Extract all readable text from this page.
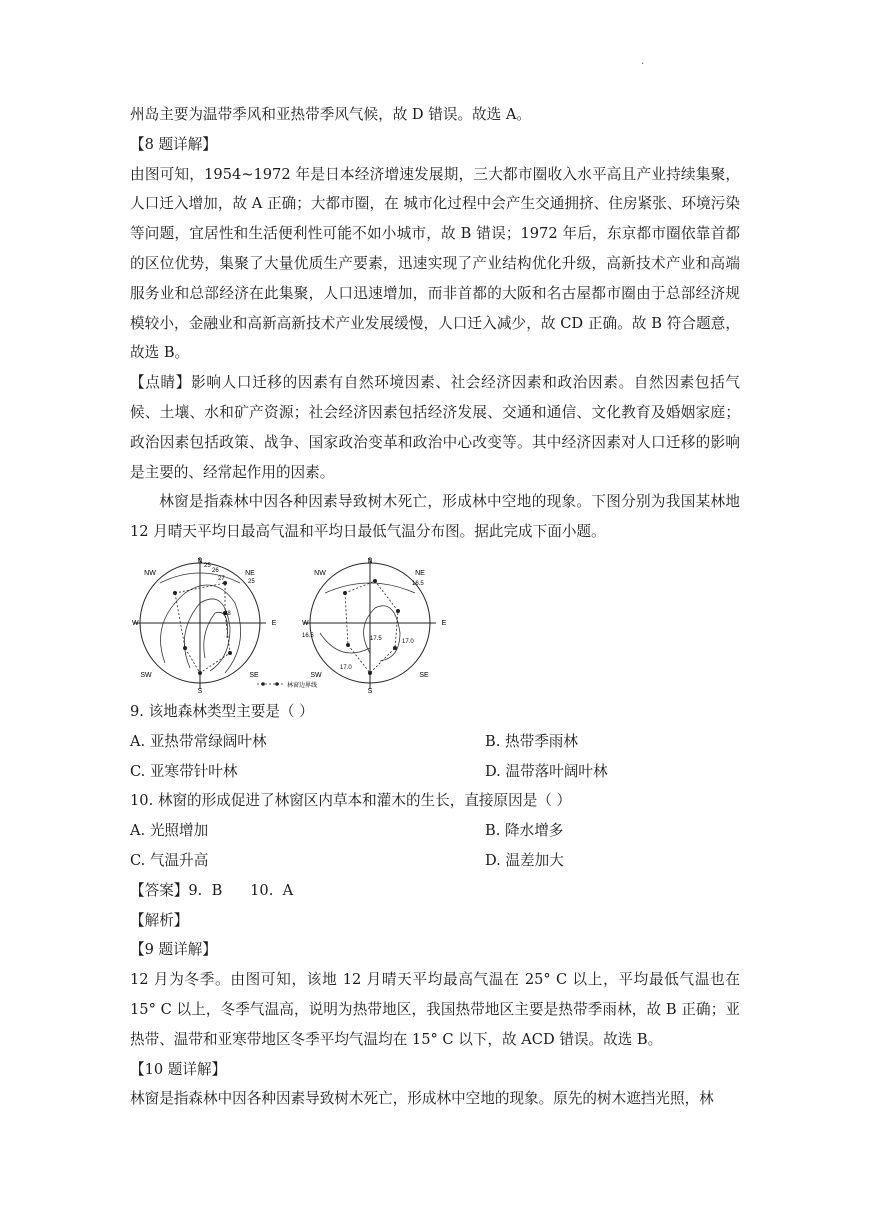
.

州岛主要为温带季风和亚热带季风气候，故 D 错误。故选 A。

【8 题详解】

由图可知，1954~1972 年是日本经济增速发展期，三大都市圈收入水平高且产业持续集聚，人口迁入增加，故 A 正确；大都市圈，在 城市化过程中会产生交通拥挤、住房紧张、环境污染等问题，宜居性和生活便利性可能不如小城市，故 B 错误；1972 年后，东京都市圈依靠首都的区位优势，集聚了大量优质生产要素，迅速实现了产业结构优化升级，高新技术产业和高端服务业和总部经济在此集聚，人口迅速增加，而非首都的大阪和名古屋都市圈由于总部经济规模较小，金融业和高新高新技术产业发展缓慢，人口迁入减少，故 CD 正确。故 B 符合题意，故选 B。

【点睛】影响人口迁移的因素有自然环境因素、社会经济因素和政治因素。自然因素包括气候、土壤、水和矿产资源；社会经济因素包括经济发展、交通和通信、文化教育及婚姻家庭；政治因素包括政策、战争、国家政治变革和政治中心改变等。其中经济因素对人口迁移的影响是主要的、经常起作用的因素。

林窗是指森林中因各种因素导致树木死亡，形成林中空地的现象。下图分别为我国某林地 12 月晴天平均日最高气温和平均日最低气温分布图。据此完成下面小题。

N
NE
E
SE
S
SW
W
NW
25
26
27
28
25
N
NE
E
SE
S
SW
W
NW
16.5
16.5	17.5	17.0
17.0
林窗边界线

9. 该地森林类型主要是（ ）

A. 亚热带常绿阔叶林	B. 热带季雨林

C. 亚寒带针叶林	D. 温带落叶阔叶林

10. 林窗的形成促进了林窗区内草本和灌木的生长，直接原因是（ ）

A. 光照增加	B. 降水增多

C. 气温升高	D. 温差加大

【答案】9.  B      10.  A

【解析】

【9 题详解】

12 月为冬季。由图可知，该地 12 月晴天平均最高气温在 25° C 以上，平均最低气温也在 15° C 以上，冬季气温高，说明为热带地区，我国热带地区主要是热带季雨林，故 B 正确；亚热带、温带和亚寒带地区冬季平均气温均在 15° C 以下，故 ACD 错误。故选 B。

【10 题详解】

林窗是指森林中因各种因素导致树木死亡，形成林中空地的现象。原先的树木遮挡光照，林
